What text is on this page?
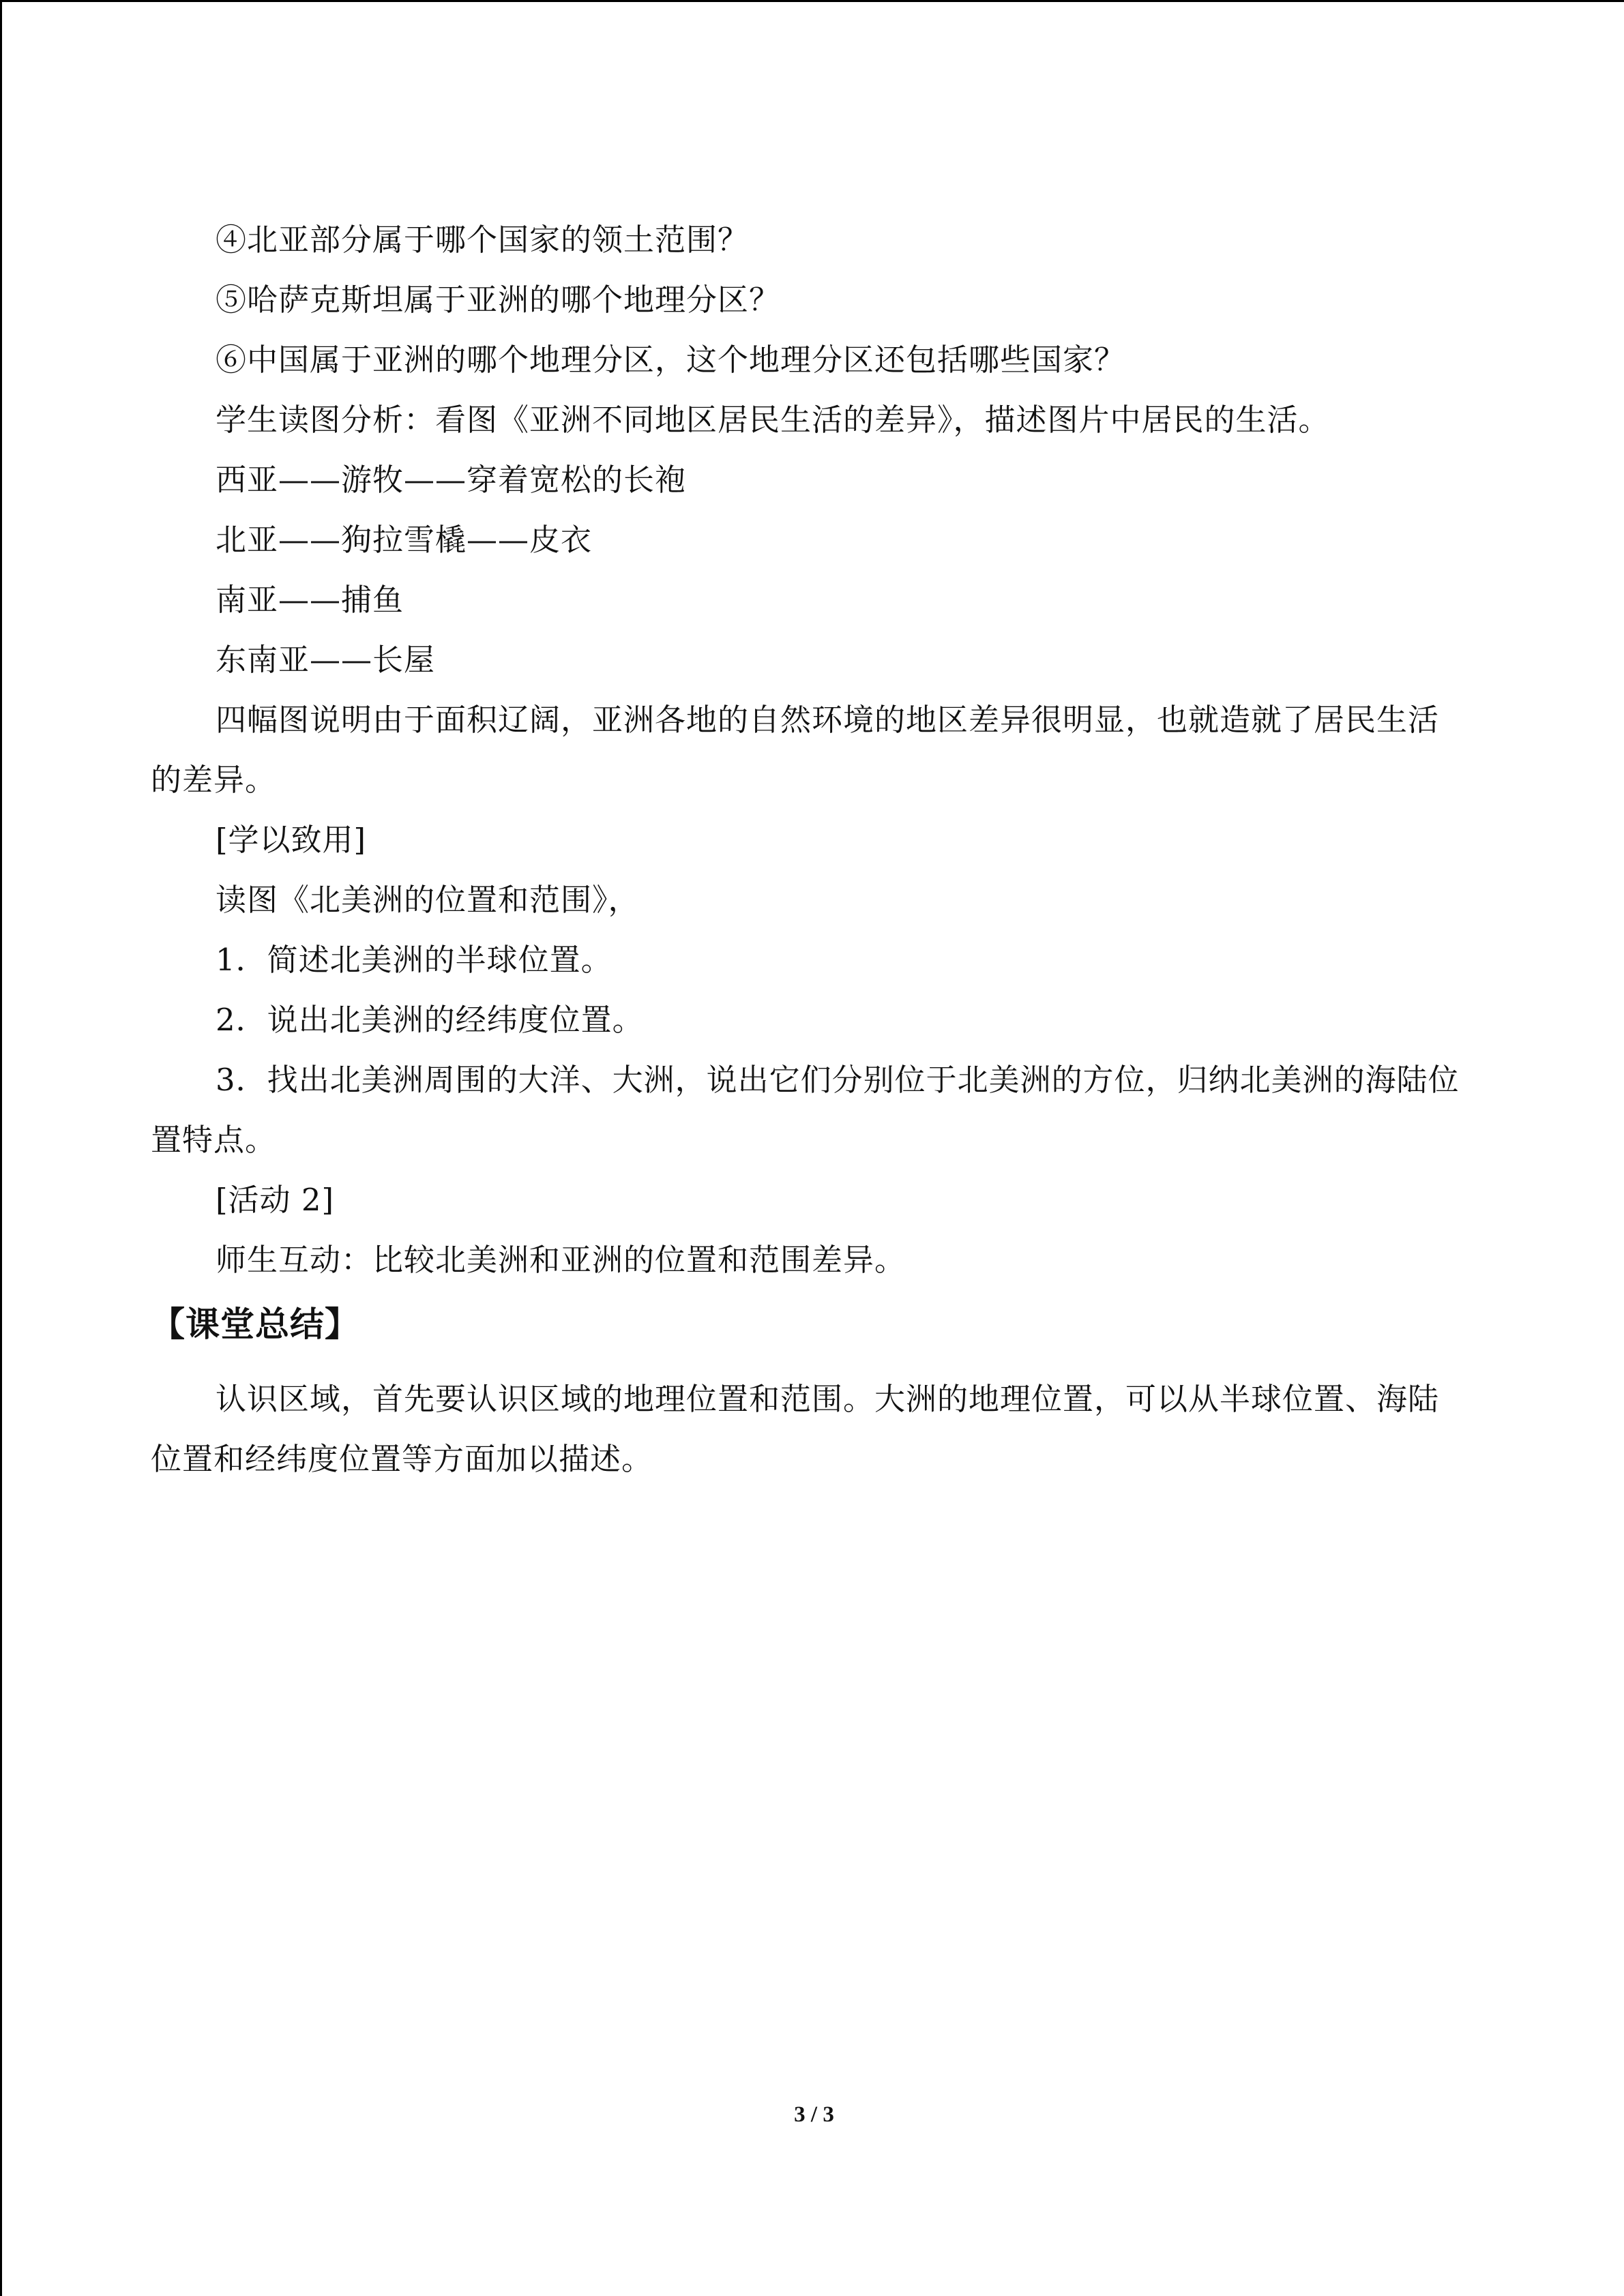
④北亚部分属于哪个国家的领土范围？
⑤哈萨克斯坦属于亚洲的哪个地理分区？
⑥中国属于亚洲的哪个地理分区，这个地理分区还包括哪些国家？
学生读图分析：看图《亚洲不同地区居民生活的差异》，描述图片中居民的生活。
西亚——游牧——穿着宽松的长袍
北亚——狗拉雪橇——皮衣
南亚——捕鱼
东南亚——长屋
四幅图说明由于面积辽阔，亚洲各地的自然环境的地区差异很明显，也就造就了居民生活的差异。
[学以致用]
读图《北美洲的位置和范围》，
1．简述北美洲的半球位置。
2．说出北美洲的经纬度位置。
3．找出北美洲周围的大洋、大洲，说出它们分别位于北美洲的方位，归纳北美洲的海陆位置特点。
[活动 2]
师生互动：比较北美洲和亚洲的位置和范围差异。
【课堂总结】
认识区域，首先要认识区域的地理位置和范围。大洲的地理位置，可以从半球位置、海陆位置和经纬度位置等方面加以描述。
3 / 3
